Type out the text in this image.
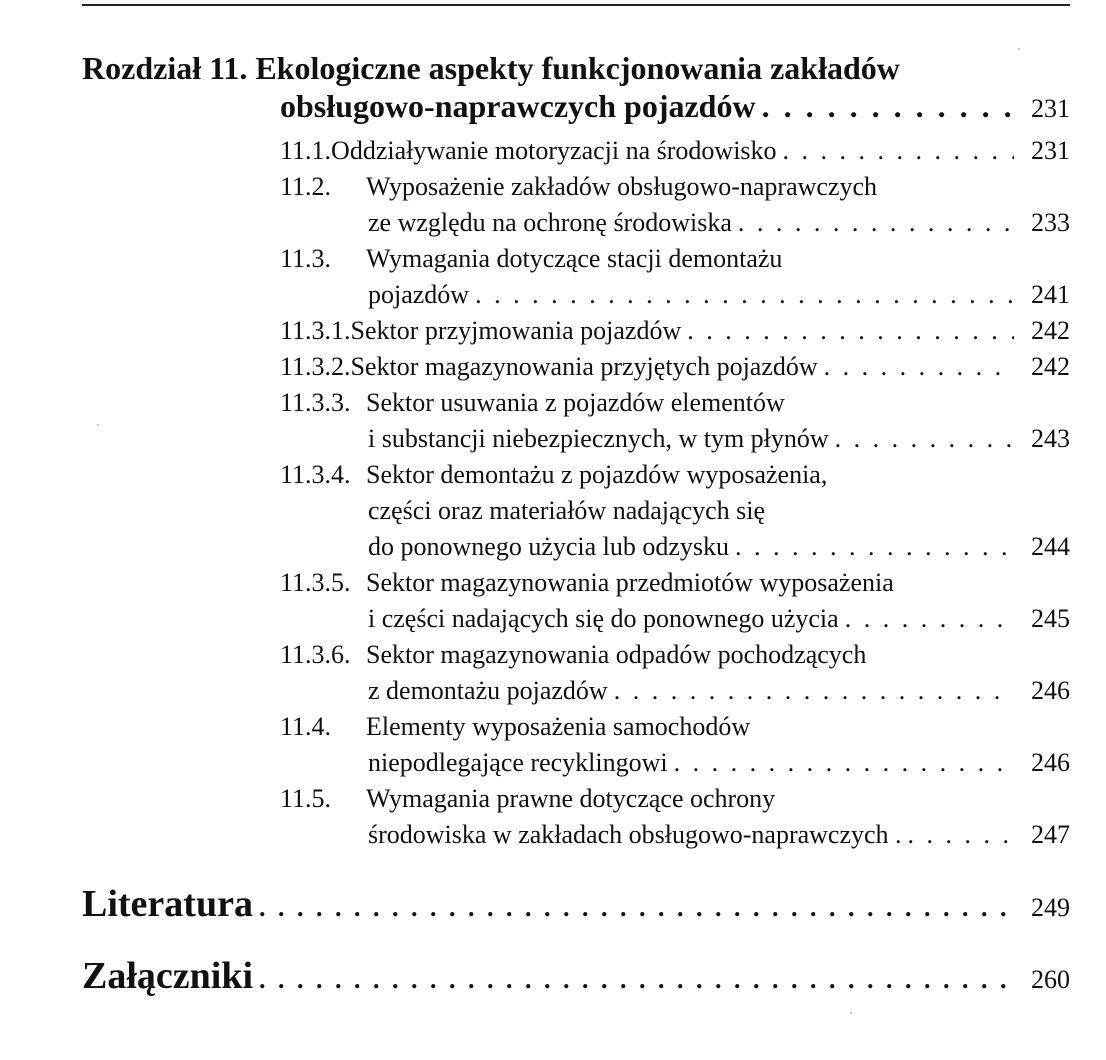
Rozdział 11.
Ekologiczne aspekty funkcjonowania zakładów
obsługowo-naprawczych pojazdów . . .	231
11.1. Oddziaływanie motoryzacji na środowisko . . .	231
11.2.	Wyposażenie zakładów obsługowo-naprawczych
ze względu na ochronę środowiska . . .	233
11.3.	Wymagania dotyczące stacji demontażu
pojazdów . . .	241
11.3.1. Sektor przyjmowania pojazdów . . .	242
11.3.2. Sektor magazynowania przyjętych pojazdów . . .	242
11.3.3. Sektor usuwania z pojazdów elementów
i substancji niebezpiecznych, w tym płynów . . .	243
11.3.4. Sektor demontażu z pojazdów wyposażenia,
części oraz materiałów nadających się
do ponownego użycia lub odzysku . . .	244
11.3.5. Sektor magazynowania przedmiotów wyposażenia
i części nadających się do ponownego użycia . . .	245
11.3.6. Sektor magazynowania odpadów pochodzących
z demontażu pojazdów . . .	246
11.4.	Elementy wyposażenia samochodów
niepodlegające recyklingowi . . .	246
11.5.	Wymagania prawne dotyczące ochrony
środowiska w zakładach obsługowo-naprawczych . . . .	247
Literatura . . .	249
Załączniki . . .	260
